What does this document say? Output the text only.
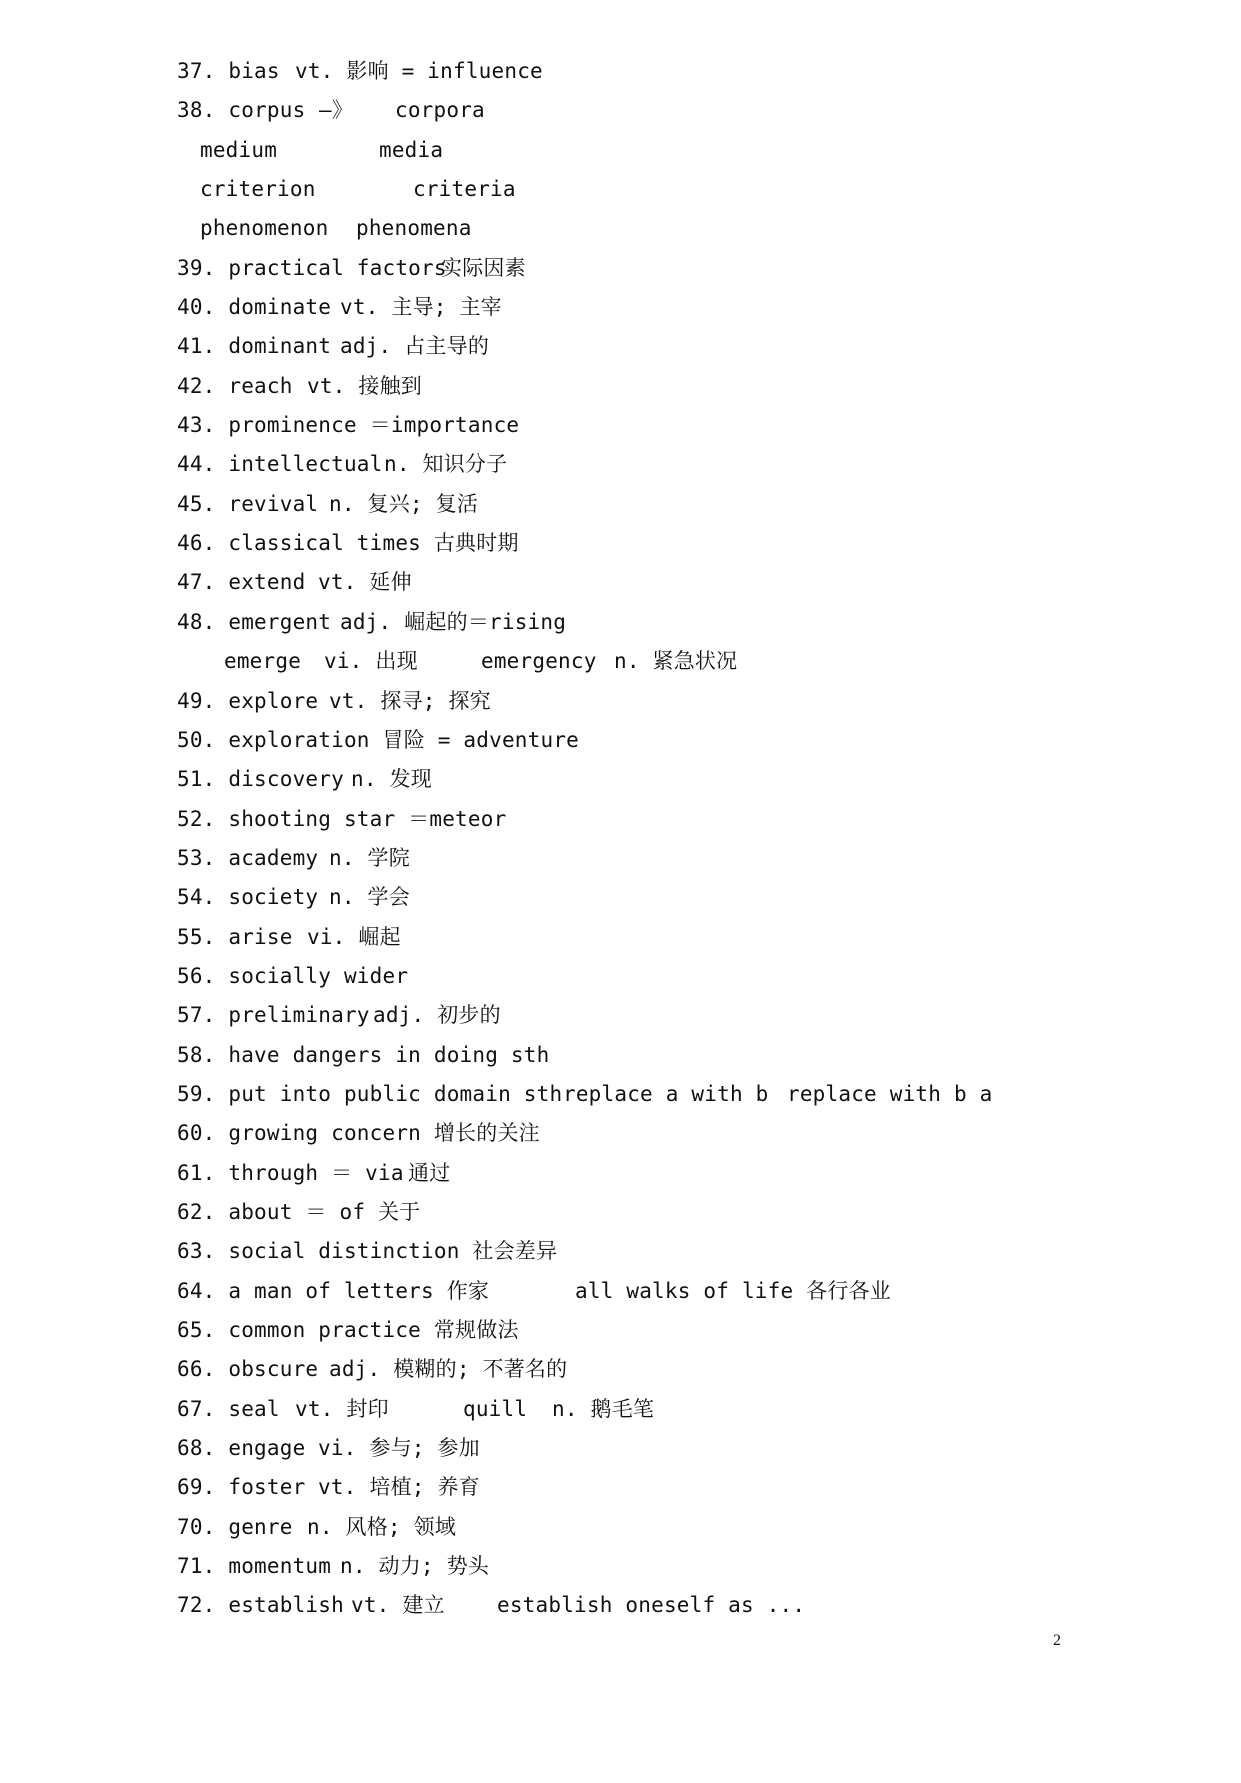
37. bias

vt. 影响 = influence

38. corpus

—》

corpora

medium

	media

criterion

	criteria

phenomenon

phenomena

39. practical factors

实际因素

40. dominate

vt. 主导; 主宰

41. dominant

adj. 占主导的

42. reach

vt. 接触到

43. prominence ＝importance

44. intellectual

n. 知识分子

45. revival

n. 复兴; 复活

46. classical times 古典时期

47. extend

vt. 延伸

48. emergent

adj. 崛起的＝rising

emerge

vi. 出现

	emergency

n. 紧急状况

49. explore

vt. 探寻; 探究

50. exploration 冒险 = adventure

51. discovery

n. 发现

52. shooting star ＝meteor

53. academy

n. 学院

54. society

n. 学会

55. arise

vi. 崛起

56. socially wider

57. preliminary

adj. 初步的

58. have dangers in doing sth

59. put into public domain sth

replace a with b

replace with b a

60. growing concern 增长的关注

61. through ＝ via

通过

62. about ＝ of 关于

63. social distinction 社会差异

64. a man of letters 作家

	all walks of life 各行各业

65. common practice 常规做法

66. obscure

adj. 模糊的; 不著名的

67. seal

vt. 封印

	quill

n. 鹅毛笔

68. engage

vi. 参与; 参加

69. foster

vt. 培植; 养育

70. genre

n. 风格; 领域

71. momentum

n. 动力; 势头

72. establish

vt. 建立

establish oneself as ...

2
